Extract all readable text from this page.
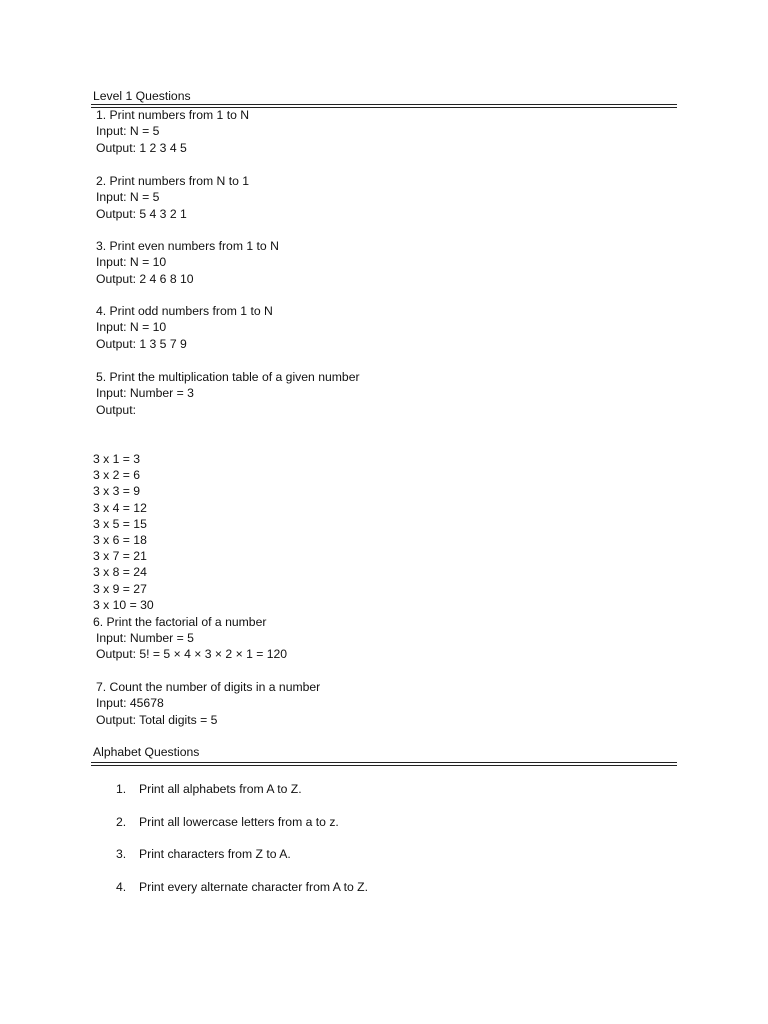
Level 1 Questions
1. Print numbers from 1 to N
Input: N = 5
Output: 1 2 3 4 5
2. Print numbers from N to 1
Input: N = 5
Output: 5 4 3 2 1
3. Print even numbers from 1 to N
Input: N = 10
Output: 2 4 6 8 10
4. Print odd numbers from 1 to N
Input: N = 10
Output: 1 3 5 7 9
5. Print the multiplication table of a given number
Input: Number = 3
Output:
3 x 1 = 3
3 x 2 = 6
3 x 3 = 9
3 x 4 = 12
3 x 5 = 15
3 x 6 = 18
3 x 7 = 21
3 x 8 = 24
3 x 9 = 27
3 x 10 = 30
6. Print the factorial of a number
Input: Number = 5
Output: 5! = 5 × 4 × 3 × 2 × 1 = 120
7. Count the number of digits in a number
Input: 45678
Output: Total digits = 5
Alphabet Questions
1. Print all alphabets from A to Z.
2. Print all lowercase letters from a to z.
3. Print characters from Z to A.
4. Print every alternate character from A to Z.
